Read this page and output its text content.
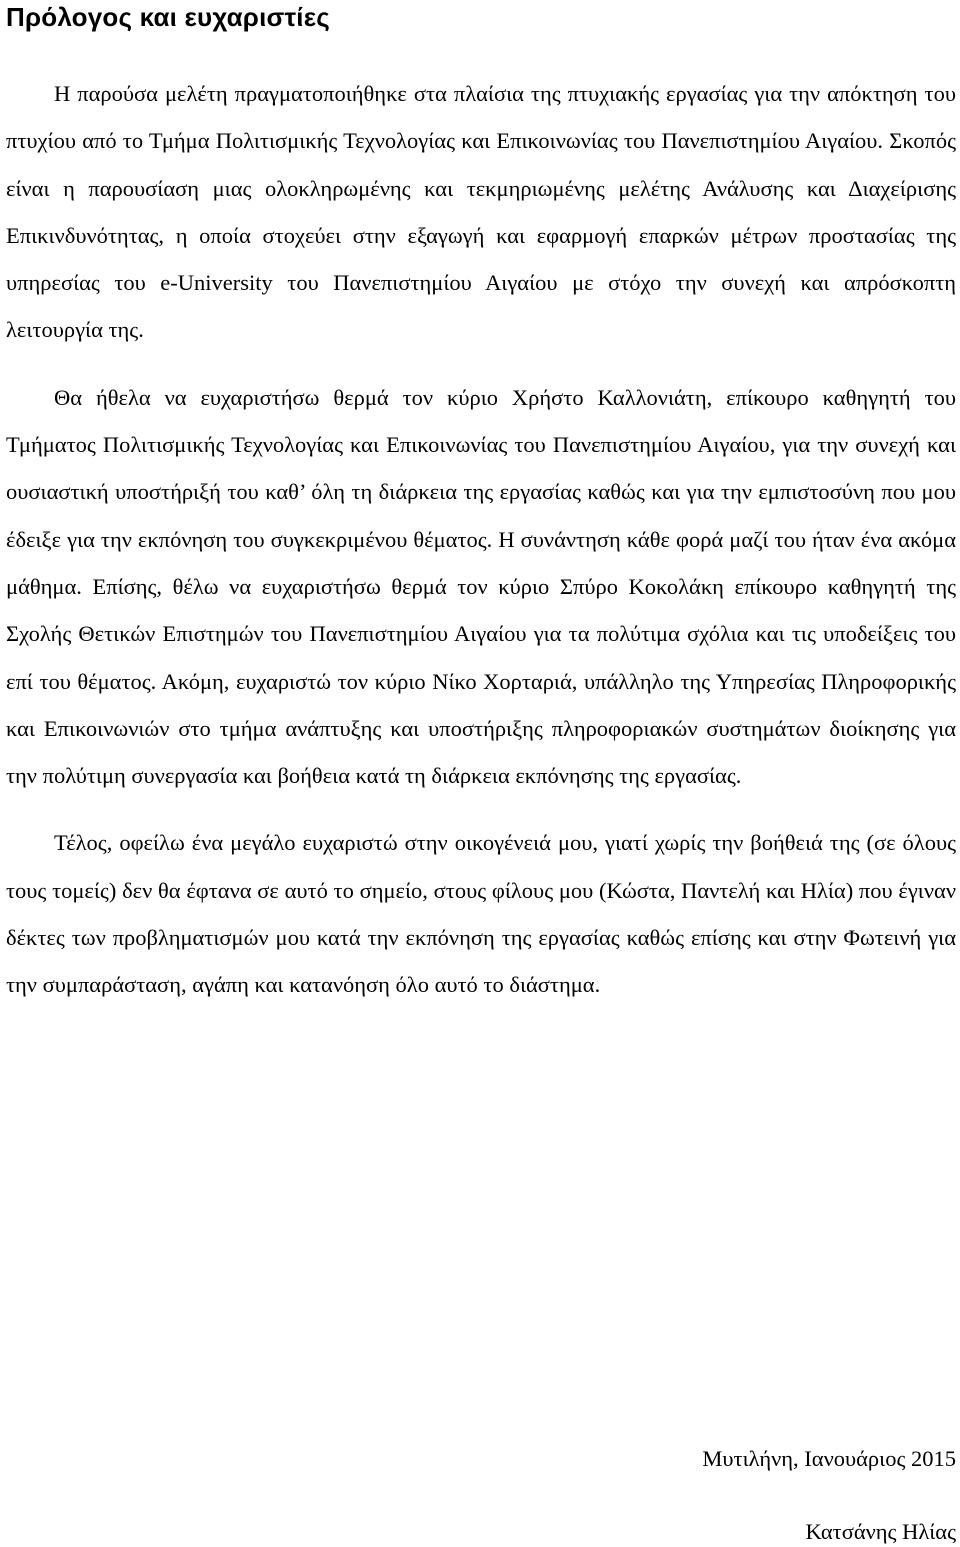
Πρόλογος και ευχαριστίες

Η παρούσα μελέτη πραγματοποιήθηκε στα πλαίσια της πτυχιακής εργασίας για την απόκτηση του πτυχίου από το Τμήμα Πολιτισμικής Τεχνολογίας και Επικοινωνίας του Πανεπιστημίου Αιγαίου. Σκοπός είναι η παρουσίαση μιας ολοκληρωμένης και τεκμηριωμένης μελέτης Ανάλυσης και Διαχείρισης Επικινδυνότητας, η οποία στοχεύει στην εξαγωγή και εφαρμογή επαρκών μέτρων προστασίας της υπηρεσίας του e-University του Πανεπιστημίου Αιγαίου με στόχο την συνεχή και απρόσκοπτη λειτουργία της.

Θα ήθελα να ευχαριστήσω θερμά τον κύριο Χρήστο Καλλονιάτη, επίκουρο καθηγητή του Τμήματος Πολιτισμικής Τεχνολογίας και Επικοινωνίας του Πανεπιστημίου Αιγαίου, για την συνεχή και ουσιαστική υποστήριξή του καθ’ όλη τη διάρκεια της εργασίας καθώς και για την εμπιστοσύνη που μου έδειξε για την εκπόνηση του συγκεκριμένου θέματος. Η συνάντηση κάθε φορά μαζί του ήταν ένα ακόμα μάθημα. Επίσης, θέλω να ευχαριστήσω θερμά τον κύριο Σπύρο Κοκολάκη επίκουρο καθηγητή της Σχολής Θετικών Επιστημών του Πανεπιστημίου Αιγαίου για τα πολύτιμα σχόλια και τις υποδείξεις του επί του θέματος. Ακόμη, ευχαριστώ τον κύριο Νίκο Χορταριά, υπάλληλο της Υπηρεσίας Πληροφορικής και Επικοινωνιών στο τμήμα ανάπτυξης και υποστήριξης πληροφοριακών συστημάτων διοίκησης για την πολύτιμη συνεργασία και βοήθεια κατά τη διάρκεια εκπόνησης της εργασίας.

Τέλος, οφείλω ένα μεγάλο ευχαριστώ στην οικογένειά μου, γιατί χωρίς την βοήθειά της (σε όλους τους τομείς) δεν θα έφτανα σε αυτό το σημείο, στους φίλους μου (Κώστα, Παντελή και Ηλία) που έγιναν δέκτες των προβληματισμών μου κατά την εκπόνηση της εργασίας καθώς επίσης και στην Φωτεινή για την συμπαράσταση, αγάπη και κατανόηση όλο αυτό το διάστημα.

Μυτιλήνη, Ιανουάριος 2015
Κατσάνης Ηλίας
